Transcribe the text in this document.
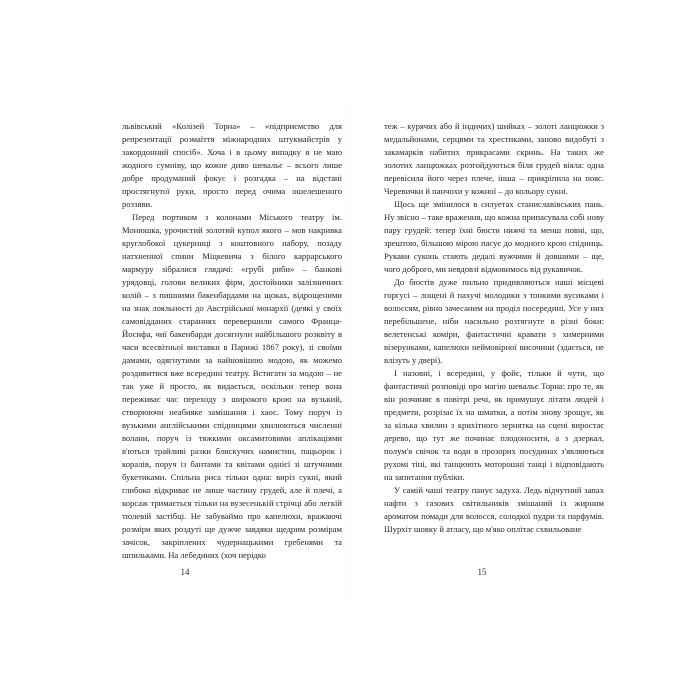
львівський «Колізей Торна» – «підприємство для репрезентації розмаїття міжнародних штукмайстрів у закордонний спосіб». Хоча і в цьому випадку я не маю жодного сумніву, що кожне диво шевальє – всього лише добре продуманий фокус і розгадка – на відстані простягнутої руки, просто перед очима ошелешеного роззяви.

Перед портиком з колонами Міського театру ім. Монюшка, урочистий золотий купол якого – мов накривка круглобокої цукерниці з коштовного набору, позаду натхненної спини Міцкевича з білого каррарського мармуру зібралися глядачі: «грубі риби» – банкові урядовці, голови великих фірм, достойники залізничних колій – з пишними бакенбардами на щоках, відрощеними на знак лояльності до Австрійської монархії (деякі у своїх самовідданих стараннях перевершили самого Франца-Йосифа, чиї бакенбарди досягнули найбільшого розквіту в часи всесвітньої виставки в Парижі 1867 року), зі своїми дамами, одягнутими за найновішою модою, як можемо роздивитися вже всередині театру. Встигати за модою – не так уже й просто, як видається, оскільки тепер вона переживає час переходу з широкого крою на вузький, створюючи неабияке замішання і хаос. Тому поруч із вузькими англійськими спідницями хвилюються численні волани, поруч із тяжкими оксамитовими аплікаціями в'ються трайливі разки блискучих намистин, пацьорок і коралів, поруч із бантами та квітами однієї зі штучними букетиками. Спільна риса тільки одна: виріз сукні, який глибоко відкриває не лише частину грудей, але й плечі, а корсаж тримається тільки на вузесенькій стрічці або легкій тюлевій застібці. Не забуваймо про капелюхи, вражаючі розміри яких роздуті ще дужче завдяки щедрим розмірам зачісок, закріплених чудернацькими гребенями та шпильками. На лебединих (хоч нерідко

14

теж – курячих або й індичих) шийках – золоті ланцюжки з медальйонами, серцями та хрестиками, заново видобуті з закамарків набитих прикрасами скринь. На таких же золотих ланцюжках розгойдуються біля грудей віяла: одна перевісила його через плече, інша – прикріпила на пояс. Черевички й панчохи у кожної – до кольору сукні.

Щось ще змінилося в силуетах станиславівських пань. Ну звісно – таке враження, що кожна припасувала собі нову пару грудей: тепер їхні бюсти нижчі та менш повні, що, зрештою, більшою мірою пасує до модного крою спідниць. Рукави суконь стають дедалі вужчими й довшими – ще, чого доброго, ми невдовзі відмовимось від рукавичок.

До бюстів дуже пильно придивляються наші місцеві горгусі – лощені й пахучі молодики з тонкими вусиками і волоссям, рівно зачесаним на проділ посередині. Усе у них перебільшене, ніби насильно розтягнуте в різні боки: велетенські коміри, фантастичні кравати з химерними візерунками, капелюхи неймовірної височини (здається, не влізуть у двері).

І назовні, і всередині, у фойє, тільки й чути, що фантастичні розповіді про магію шевальє Торна: про те, як він розчиняє в повітрі речі, як примушує літати людей і предмети, розрізає їх на шматки, а потім знову зрощує, як за кілька хвилин з крихітного зернятка на сцені виростає дерево, що тут же починає плодоносити, а з дзеркал, полум'я свічок та води в прозорих посудинах з'являються рухомі тіні, які танцюють моторошні танці і відповідають на запитання публіки.

У самій чаші театру панує задуха. Ледь відчутний запах нафти з газових світильників змішаний із жирним ароматом помади для волосся, солодкої пудри та парфумів. Шурхіт шовку й атласу, що м'яко оплітає схвильоване

15
